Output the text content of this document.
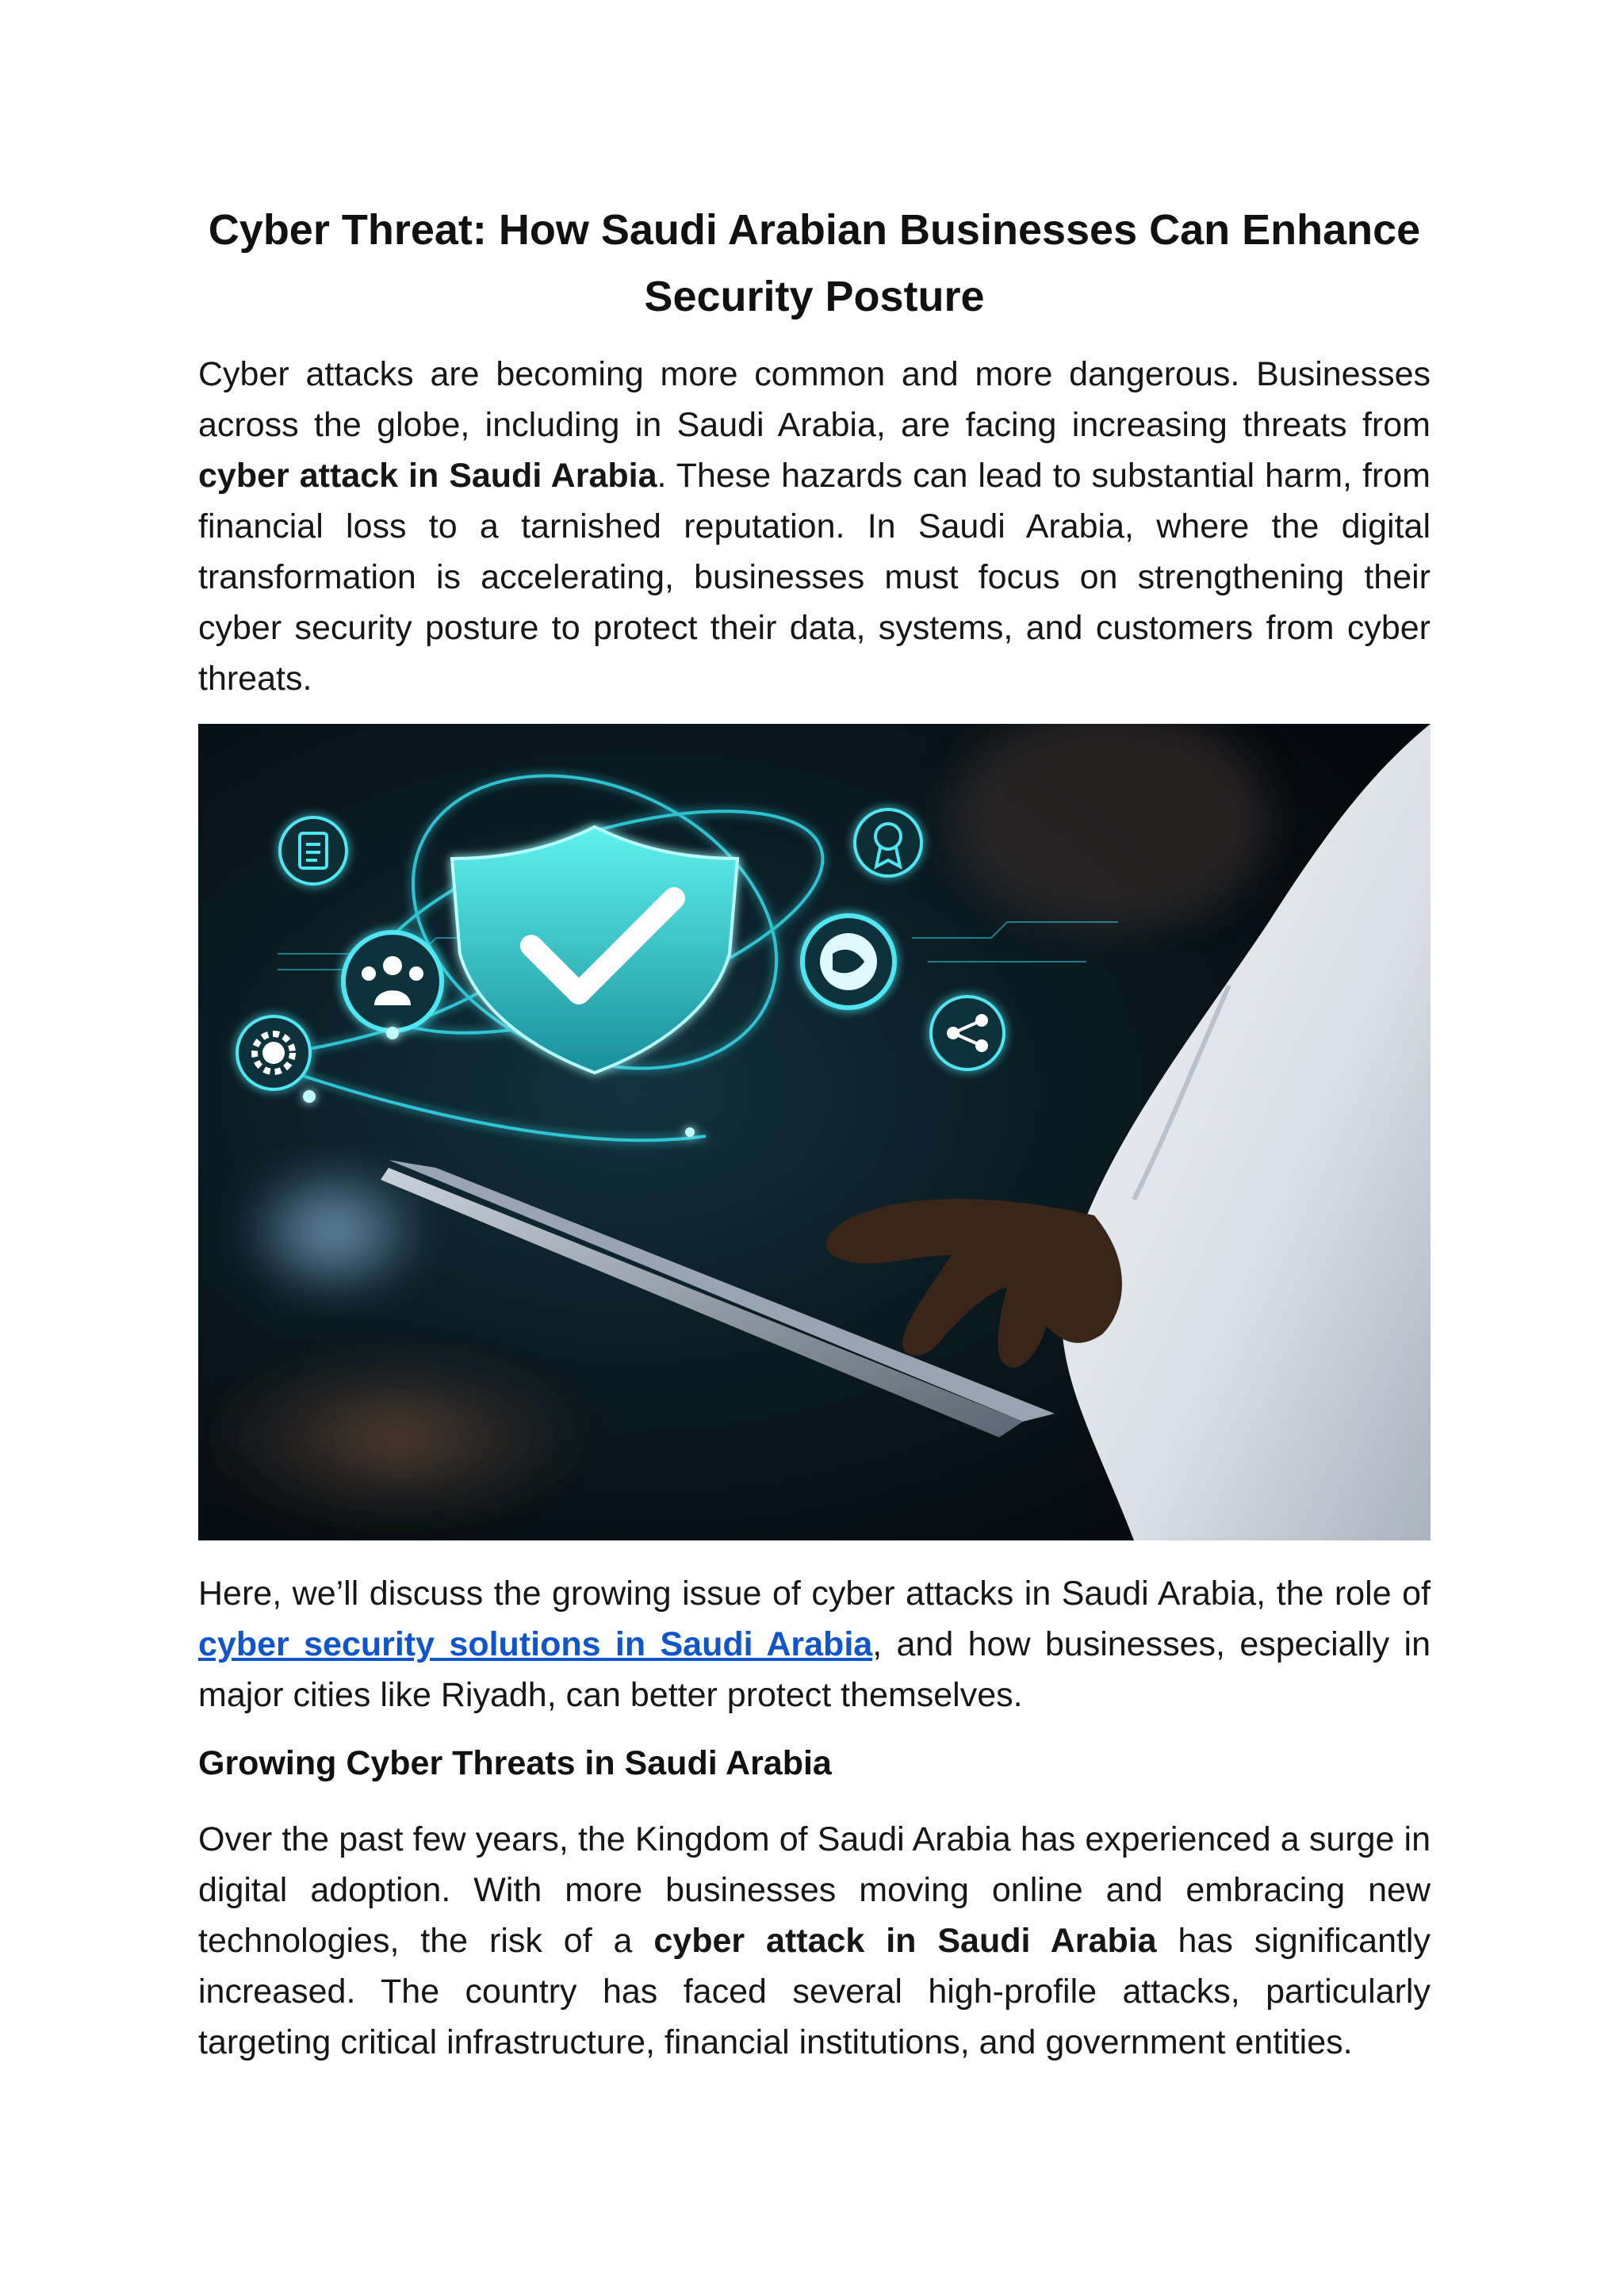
Cyber Threat: How Saudi Arabian Businesses Can Enhance Security Posture

Cyber attacks are becoming more common and more dangerous. Businesses across the globe, including in Saudi Arabia, are facing increasing threats from cyber attack in Saudi Arabia. These hazards can lead to substantial harm, from financial loss to a tarnished reputation. In Saudi Arabia, where the digital transformation is accelerating, businesses must focus on strengthening their cyber security posture to protect their data, systems, and customers from cyber threats.

Here, we’ll discuss the growing issue of cyber attacks in Saudi Arabia, the role of cyber security solutions in Saudi Arabia, and how businesses, especially in major cities like Riyadh, can better protect themselves.

Growing Cyber Threats in Saudi Arabia

Over the past few years, the Kingdom of Saudi Arabia has experienced a surge in digital adoption. With more businesses moving online and embracing new technologies, the risk of a cyber attack in Saudi Arabia has significantly increased. The country has faced several high-profile attacks, particularly targeting critical infrastructure, financial institutions, and government entities.
